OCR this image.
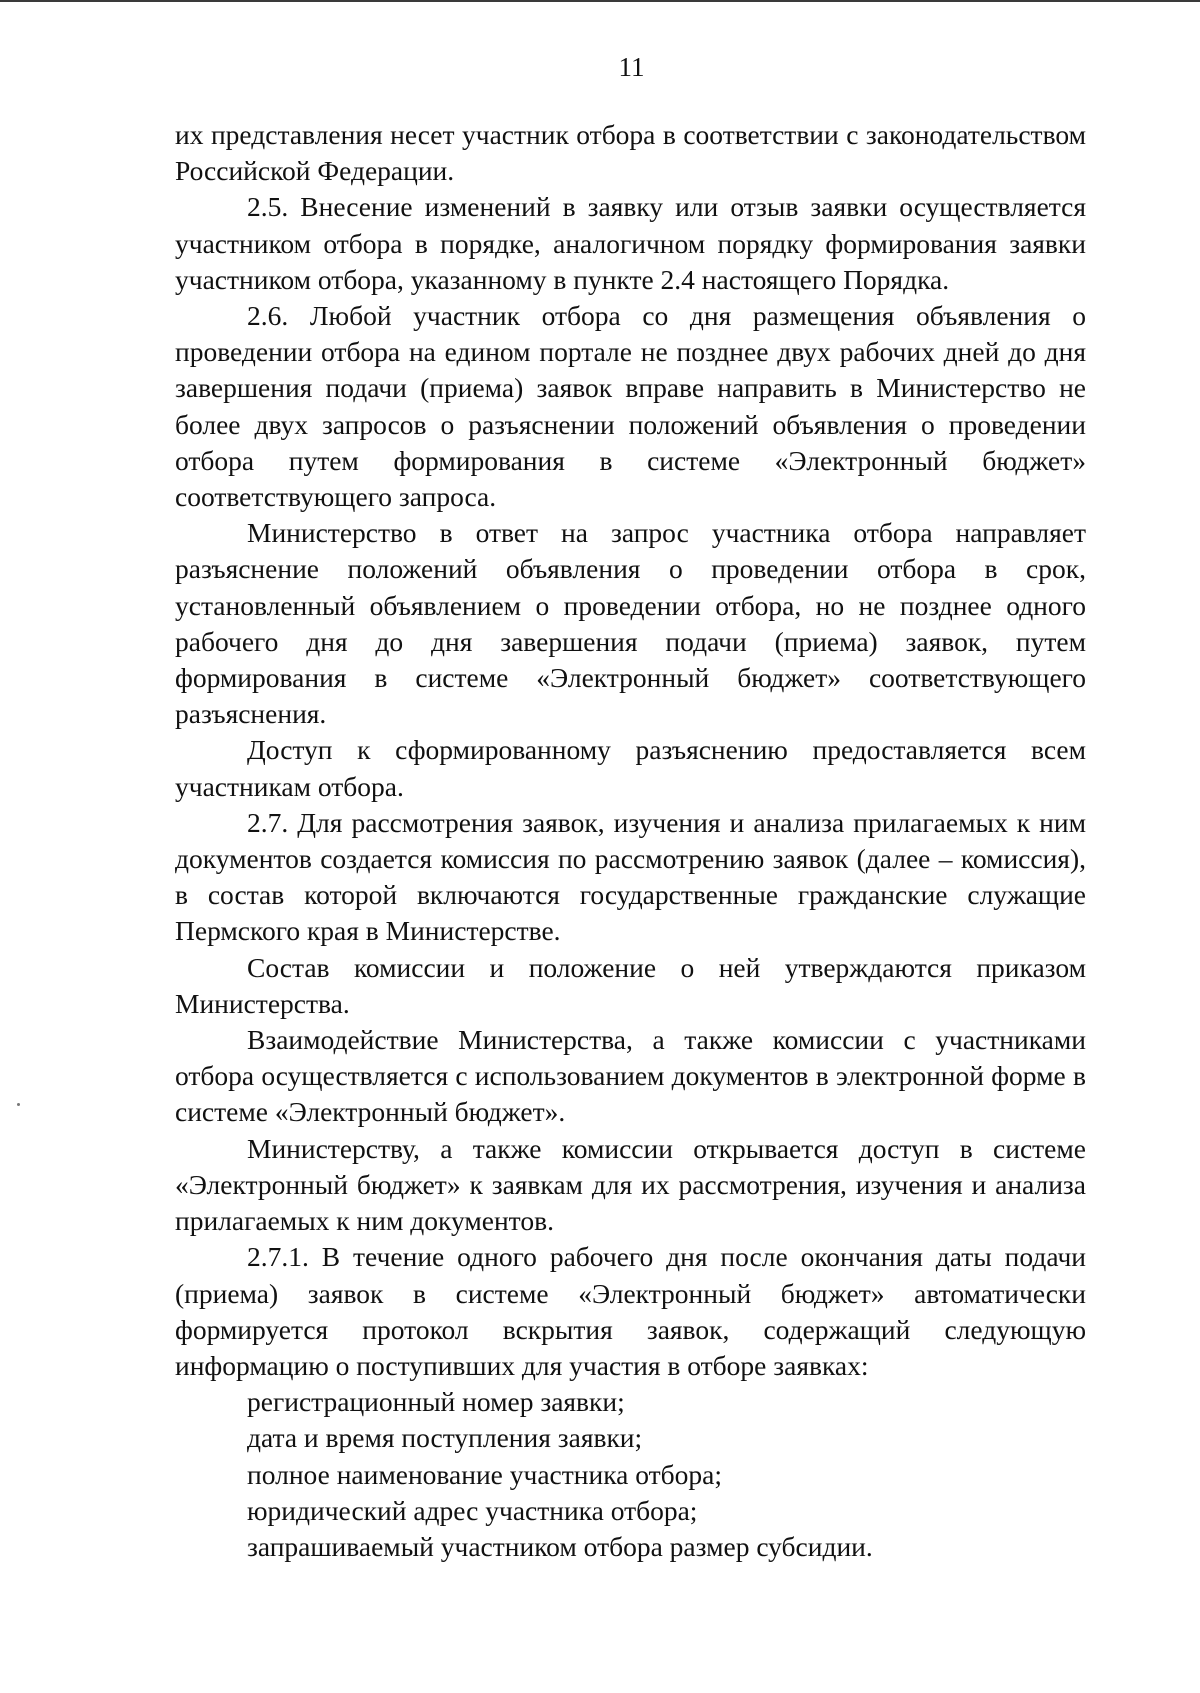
11

их представления несет участник отбора в соответствии с законодательством Российской Федерации.

2.5. Внесение изменений в заявку или отзыв заявки осуществляется участником отбора в порядке, аналогичном порядку формирования заявки участником отбора, указанному в пункте 2.4 настоящего Порядка.

2.6. Любой участник отбора со дня размещения объявления о проведении отбора на едином портале не позднее двух рабочих дней до дня завершения подачи (приема) заявок вправе направить в Министерство не более двух запросов о разъяснении положений объявления о проведении отбора путем формирования в системе «Электронный бюджет» соответствующего запроса.

Министерство в ответ на запрос участника отбора направляет разъяснение положений объявления о проведении отбора в срок, установленный объявлением о проведении отбора, но не позднее одного рабочего дня до дня завершения подачи (приема) заявок, путем формирования в системе «Электронный бюджет» соответствующего разъяснения.

Доступ к сформированному разъяснению предоставляется всем участникам отбора.

2.7. Для рассмотрения заявок, изучения и анализа прилагаемых к ним документов создается комиссия по рассмотрению заявок (далее – комиссия), в состав которой включаются государственные гражданские служащие Пермского края в Министерстве.

Состав комиссии и положение о ней утверждаются приказом Министерства.

Взаимодействие Министерства, а также комиссии с участниками отбора осуществляется с использованием документов в электронной форме в системе «Электронный бюджет».

Министерству, а также комиссии открывается доступ в системе «Электронный бюджет» к заявкам для их рассмотрения, изучения и анализа прилагаемых к ним документов.

2.7.1. В течение одного рабочего дня после окончания даты подачи (приема) заявок в системе «Электронный бюджет» автоматически формируется протокол вскрытия заявок, содержащий следующую информацию о поступивших для участия в отборе заявках:

регистрационный номер заявки;

дата и время поступления заявки;

полное наименование участника отбора;

юридический адрес участника отбора;

запрашиваемый участником отбора размер субсидии.
